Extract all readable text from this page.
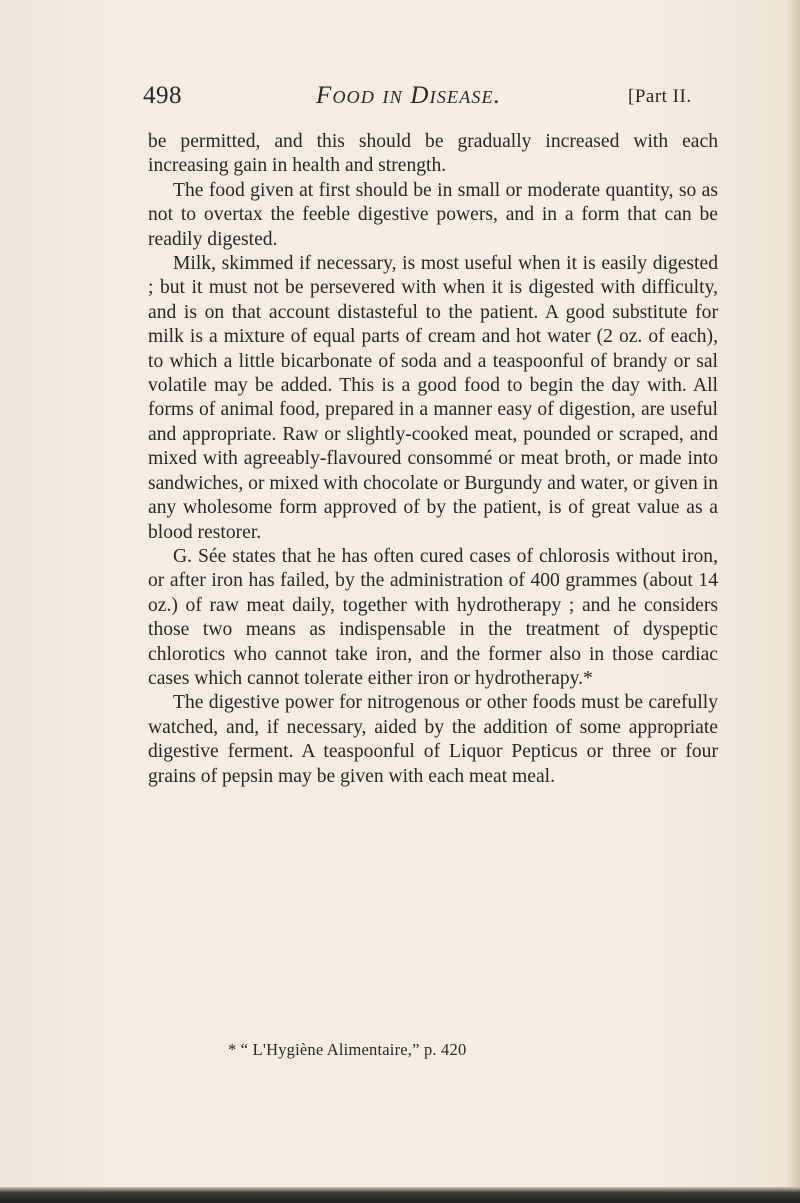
498	Food in Disease.	[Part II.

be permitted, and this should be gradually increased with each increasing gain in health and strength.

The food given at first should be in small or moderate quantity, so as not to overtax the feeble digestive powers, and in a form that can be readily digested.

Milk, skimmed if necessary, is most useful when it is easily digested ; but it must not be persevered with when it is digested with difficulty, and is on that account distasteful to the patient. A good substitute for milk is a mixture of equal parts of cream and hot water (2 oz. of each), to which a little bicarbonate of soda and a teaspoonful of brandy or sal volatile may be added. This is a good food to begin the day with. All forms of animal food, prepared in a manner easy of digestion, are useful and appropriate. Raw or slightly-cooked meat, pounded or scraped, and mixed with agreeably-flavoured consommé or meat broth, or made into sandwiches, or mixed with chocolate or Burgundy and water, or given in any wholesome form approved of by the patient, is of great value as a blood restorer.

G. Sée states that he has often cured cases of chlorosis without iron, or after iron has failed, by the administration of 400 grammes (about 14 oz.) of raw meat daily, together with hydrotherapy ; and he considers those two means as indispensable in the treatment of dyspeptic chlorotics who cannot take iron, and the former also in those cardiac cases which cannot tolerate either iron or hydrotherapy.*

The digestive power for nitrogenous or other foods must be carefully watched, and, if necessary, aided by the addition of some appropriate digestive ferment. A teaspoonful of Liquor Pepticus or three or four grains of pepsin may be given with each meat meal.

* “ L'Hygiène Alimentaire,” p. 420
